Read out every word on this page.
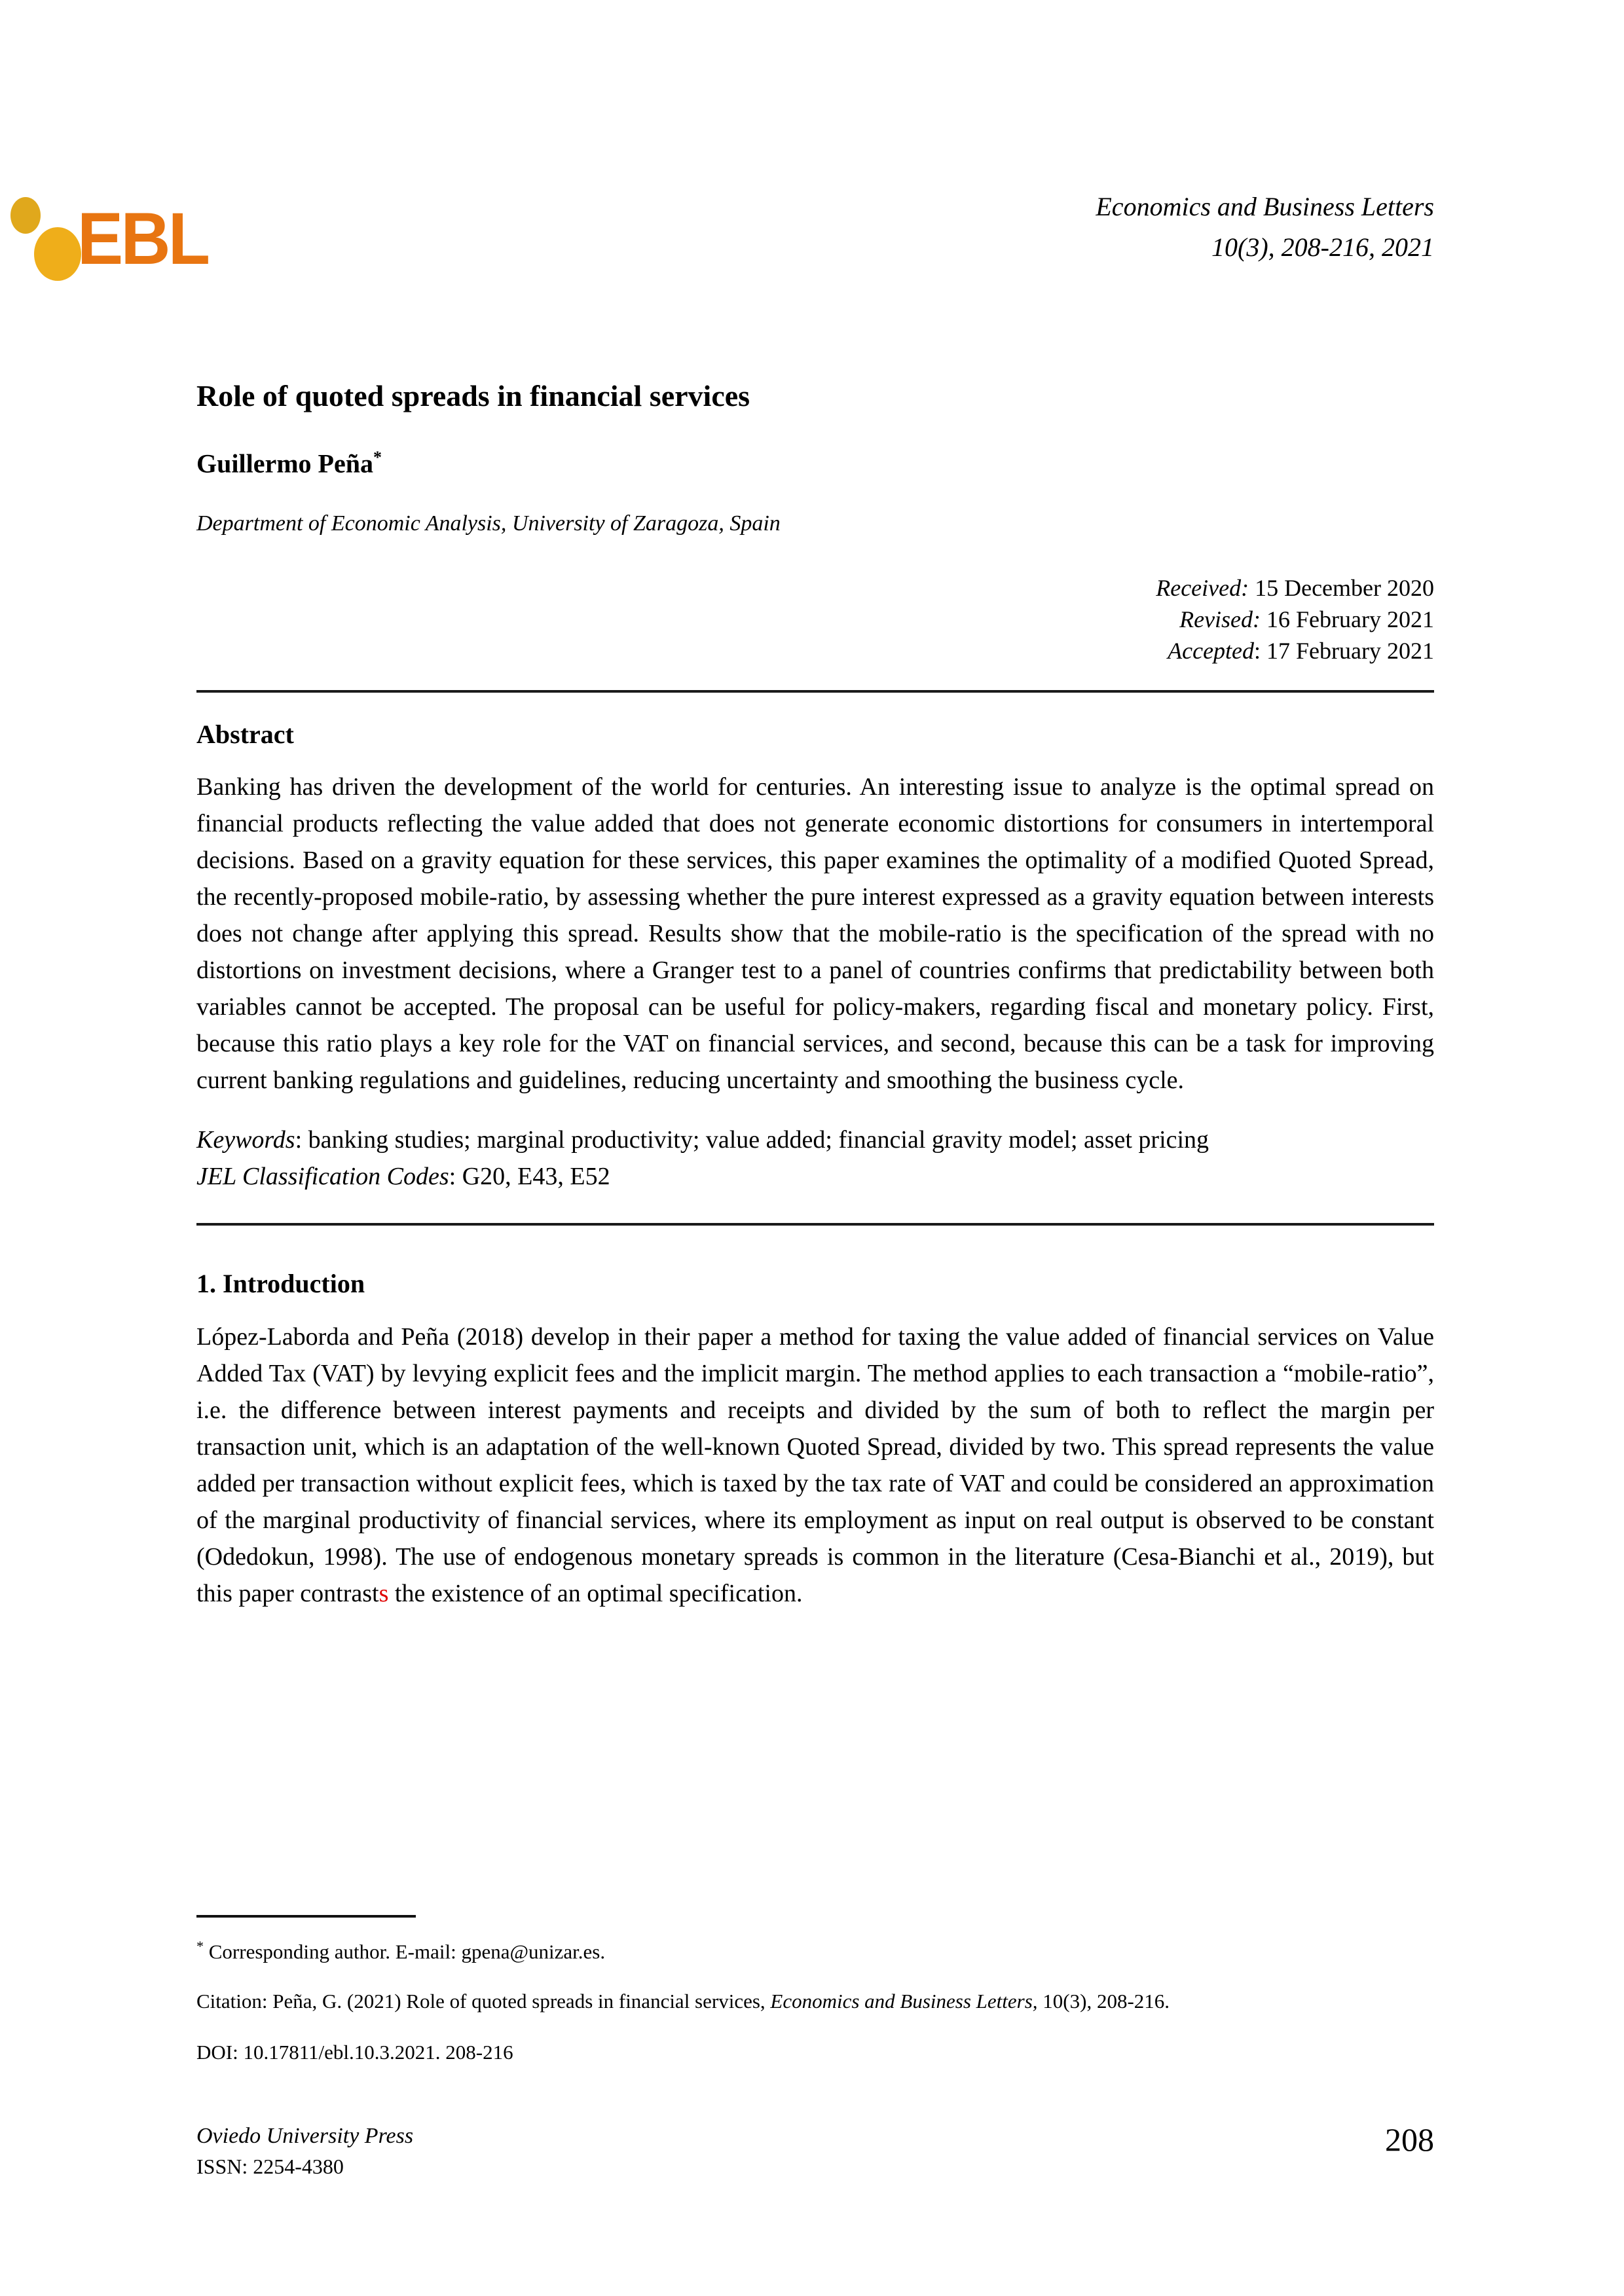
EBL	Economics and Business Letters
10(3), 208-216, 2021
Role of quoted spreads in financial services
Guillermo Peña*
Department of Economic Analysis, University of Zaragoza, Spain
Received: 15 December 2020
Revised: 16 February 2021
Accepted: 17 February 2021
Abstract
Banking has driven the development of the world for centuries. An interesting issue to analyze is the optimal spread on financial products reflecting the value added that does not generate economic distortions for consumers in intertemporal decisions. Based on a gravity equation for these services, this paper examines the optimality of a modified Quoted Spread, the recently-proposed mobile-ratio, by assessing whether the pure interest expressed as a gravity equation between interests does not change after applying this spread. Results show that the mobile-ratio is the specification of the spread with no distortions on investment decisions, where a Granger test to a panel of countries confirms that predictability between both variables cannot be accepted. The proposal can be useful for policy-makers, regarding fiscal and monetary policy. First, because this ratio plays a key role for the VAT on financial services, and second, because this can be a task for improving current banking regulations and guidelines, reducing uncertainty and smoothing the business cycle.
Keywords: banking studies; marginal productivity; value added; financial gravity model; asset pricing
JEL Classification Codes: G20, E43, E52
1. Introduction
López-Laborda and Peña (2018) develop in their paper a method for taxing the value added of financial services on Value Added Tax (VAT) by levying explicit fees and the implicit margin. The method applies to each transaction a “mobile-ratio”, i.e. the difference between interest payments and receipts and divided by the sum of both to reflect the margin per transaction unit, which is an adaptation of the well-known Quoted Spread, divided by two. This spread represents the value added per transaction without explicit fees, which is taxed by the tax rate of VAT and could be considered an approximation of the marginal productivity of financial services, where its employment as input on real output is observed to be constant (Odedokun, 1998). The use of endogenous monetary spreads is common in the literature (Cesa-Bianchi et al., 2019), but this paper contrasts the existence of an optimal specification.
* Corresponding author. E-mail: gpena@unizar.es.
Citation: Peña, G. (2021) Role of quoted spreads in financial services, Economics and Business Letters, 10(3), 208-216.
DOI: 10.17811/ebl.10.3.2021. 208-216
Oviedo University Press
ISSN: 2254-4380
208
